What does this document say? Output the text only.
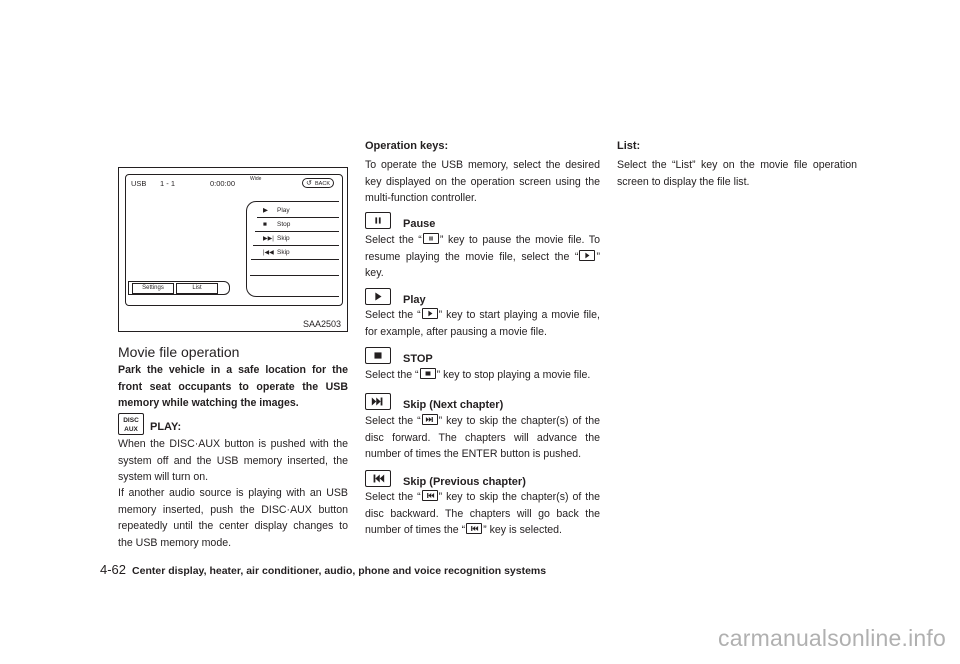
USB 1 - 1	0:00:00	Wide
↺ BACK
▶ Play
■ Stop
▶▶| Skip
|◀◀ Skip
Settings	List
SAA2503
Movie file operation

Park the vehicle in a safe location for the front seat occupants to operate the USB memory while watching the images.

DISC
AUX	PLAY:

When the DISC·AUX button is pushed with the system off and the USB memory inserted, the system will turn on.

If another audio source is playing with an USB memory inserted, push the DISC·AUX button repeatedly until the center display changes to the USB memory mode.

Operation keys:

To operate the USB memory, select the desired key displayed on the operation screen using the multi-function controller.

Pause

Select the “ ” key to pause the movie file. To resume playing the movie file, select the “ ” key.

Play

Select the “ ” key to start playing a movie file, for example, after pausing a movie file.

STOP

Select the “ ” key to stop playing a movie file.

Skip (Next chapter)

Select the “ ” key to skip the chapter(s) of the disc forward. The chapters will advance the number of times the ENTER button is pushed.

Skip (Previous chapter)

Select the “ ” key to skip the chapter(s) of the disc backward. The chapters will go back the number of times the “ ” key is selected.

List:

Select the “List” key on the movie file operation screen to display the file list.

4-62 Center display, heater, air conditioner, audio, phone and voice recognition systems
carmanualsonline.info
